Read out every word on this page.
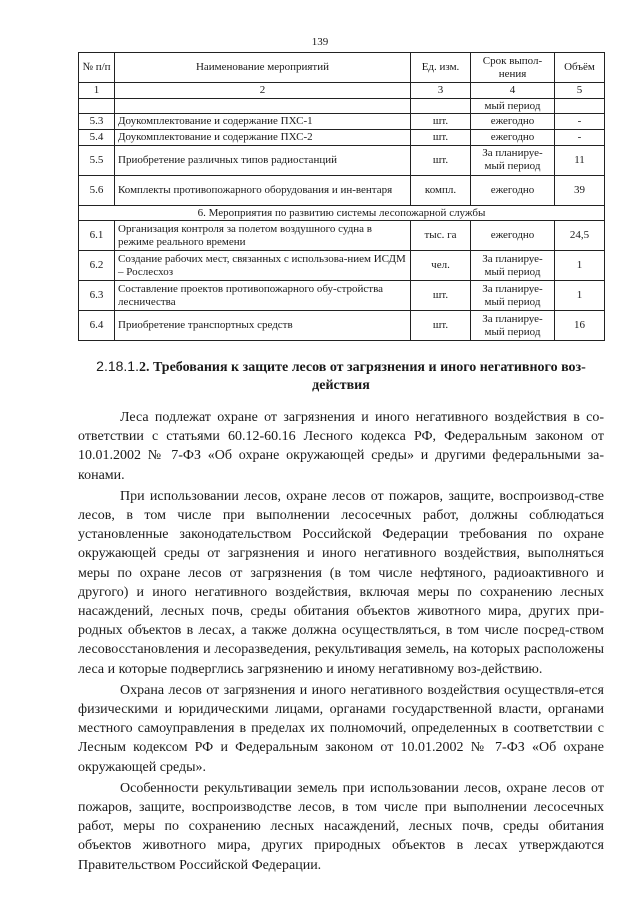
139
№ п/п	Наименование мероприятий	Ед. изм.	Срок выпол-нения	Объём
1	2	3	4	5
			мый период	
5.3	Доукомплектование и содержание ПХС-1	шт.	ежегодно	-
5.4	Доукомплектование и содержание ПХС-2	шт.	ежегодно	-
5.5	Приобретение различных типов радиостанций	шт.	За планируе-мый период	11
5.6	Комплекты противопожарного оборудования и ин-вентаря	компл.	ежегодно	39
6. Мероприятия по развитию системы лесопожарной службы				
6.1	Организация контроля за полетом воздушного судна в режиме реального времени	тыс. га	ежегодно	24,5
6.2	Создание рабочих мест, связанных с использова-нием ИСДМ – Рослесхоз	чел.	За планируе-мый период	1
6.3	Составление проектов противопожарного обу-стройства лесничества	шт.	За планируе-мый период	1
6.4	Приобретение транспортных средств	шт.	За планируе-мый период	16
2.18.1.2. Требования к защите лесов от загрязнения и иного негативного воз-действия

Леса подлежат охране от загрязнения и иного негативного воздействия в со-ответствии с статьями 60.12-60.16 Лесного кодекса РФ, Федеральным законом от 10.01.2002 № 7-ФЗ «Об охране окружающей среды» и другими федеральными за-конами.

При использовании лесов, охране лесов от пожаров, защите, воспроизвод-стве лесов, в том числе при выполнении лесосечных работ, должны соблюдаться установленные законодательством Российской Федерации требования по охране окружающей среды от загрязнения и иного негативного воздействия, выполняться меры по охране лесов от загрязнения (в том числе нефтяного, радиоактивного и другого) и иного негативного воздействия, включая меры по сохранению лесных насаждений, лесных почв, среды обитания объектов животного мира, других при-родных объектов в лесах, а также должна осуществляться, в том числе посред-ством лесовосстановления и лесоразведения, рекультивация земель, на которых расположены леса и которые подверглись загрязнению и иному негативному воз-действию.

Охрана лесов от загрязнения и иного негативного воздействия осуществля-ется физическими и юридическими лицами, органами государственной власти, органами местного самоуправления в пределах их полномочий, определенных в соответствии с Лесным кодексом РФ и Федеральным законом от 10.01.2002 № 7-ФЗ «Об охране окружающей среды».

Особенности рекультивации земель при использовании лесов, охране лесов от пожаров, защите, воспроизводстве лесов, в том числе при выполнении лесосечных работ, меры по сохранению лесных насаждений, лесных почв, среды обитания объектов животного мира, других природных объектов в лесах утверждаются Правительством Российской Федерации.
